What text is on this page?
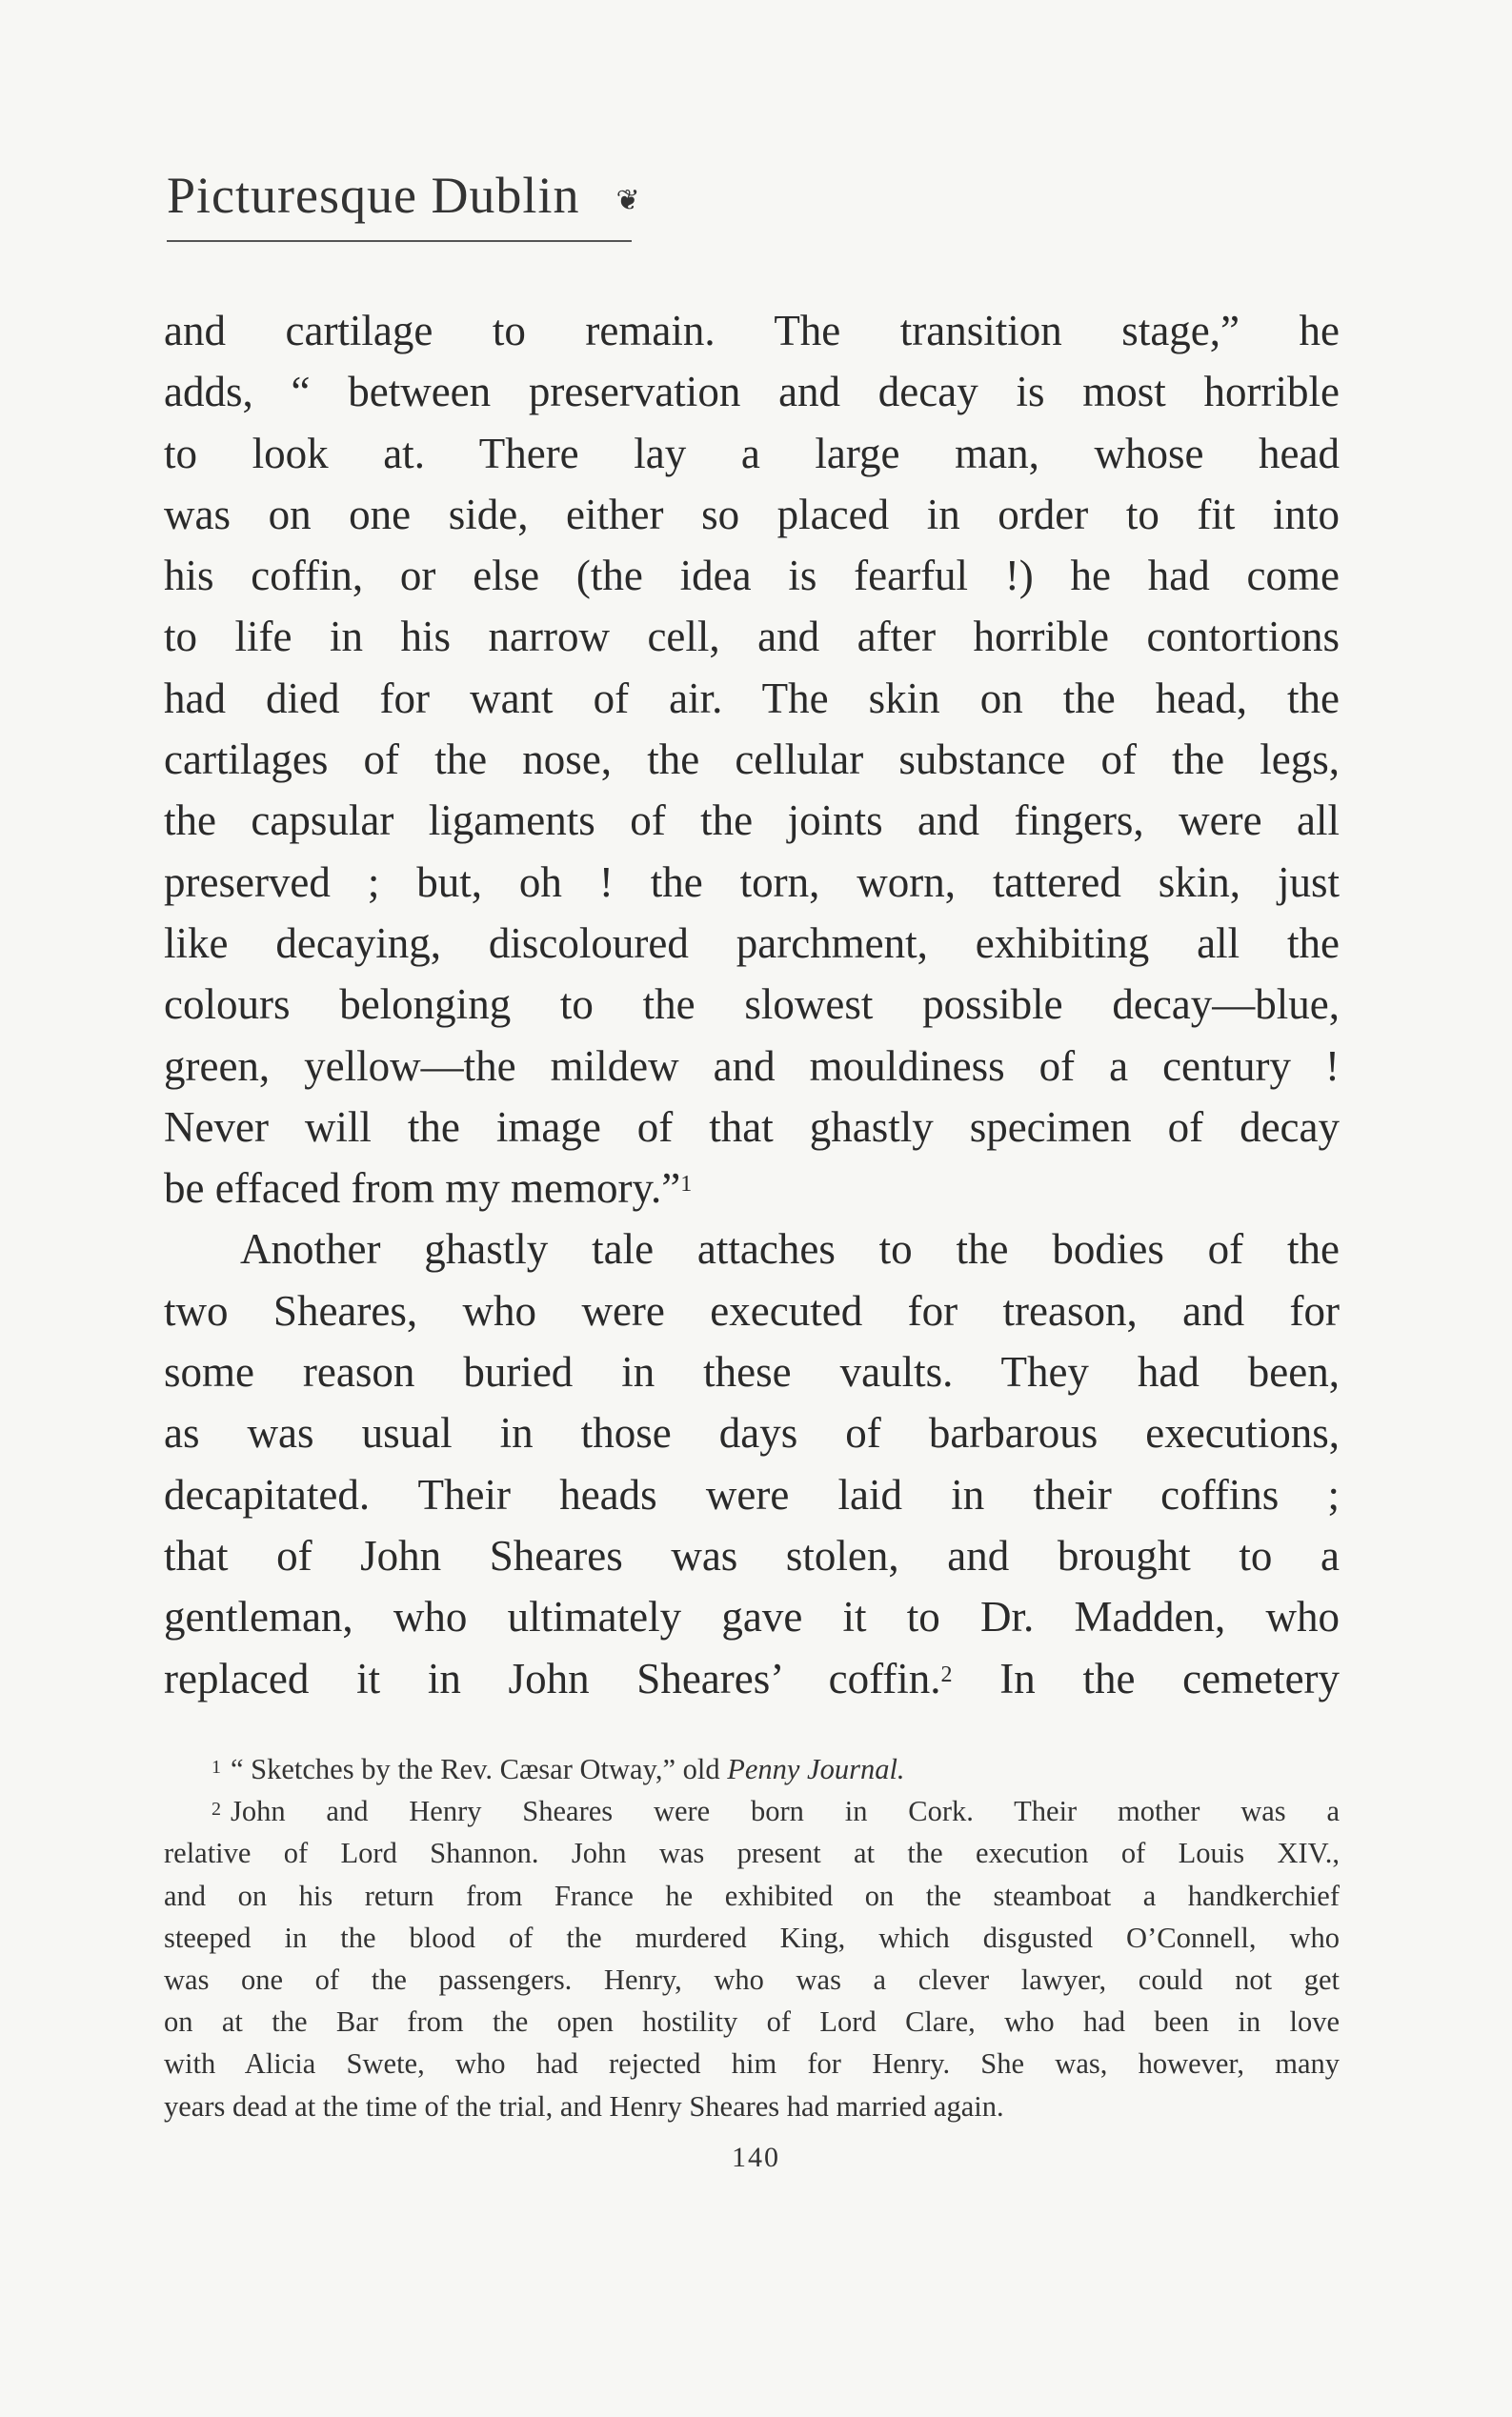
Picturesque Dublin ❦
and cartilage to remain. The transition stage,” he
adds, “ between preservation and decay is most horrible
to look at. There lay a large man, whose head
was on one side, either so placed in order to fit into
his coffin, or else (the idea is fearful !) he had come
to life in his narrow cell, and after horrible contortions
had died for want of air. The skin on the head, the
cartilages of the nose, the cellular substance of the legs,
the capsular ligaments of the joints and fingers, were all
preserved ; but, oh ! the torn, worn, tattered skin, just
like decaying, discoloured parchment, exhibiting all the
colours belonging to the slowest possible decay—blue,
green, yellow—the mildew and mouldiness of a century !
Never will the image of that ghastly specimen of decay
be effaced from my memory.”$^1$
Another ghastly tale attaches to the bodies of the
two Sheares, who were executed for treason, and for
some reason buried in these vaults. They had been,
as was usual in those days of barbarous executions,
decapitated. Their heads were laid in their coffins ;
that of John Sheares was stolen, and brought to a
gentleman, who ultimately gave it to Dr. Madden, who
replaced it in John Sheares’ coffin.$^2$ In the cemetery
$^1$ “ Sketches by the Rev. Cæsar Otway,” old Penny Journal.
$^2$ John and Henry Sheares were born in Cork. Their mother was a
relative of Lord Shannon. John was present at the execution of Louis XIV.,
and on his return from France he exhibited on the steamboat a handkerchief
steeped in the blood of the murdered King, which disgusted O’Connell, who
was one of the passengers. Henry, who was a clever lawyer, could not get
on at the Bar from the open hostility of Lord Clare, who had been in love
with Alicia Swete, who had rejected him for Henry. She was, however, many
years dead at the time of the trial, and Henry Sheares had married again.
140
